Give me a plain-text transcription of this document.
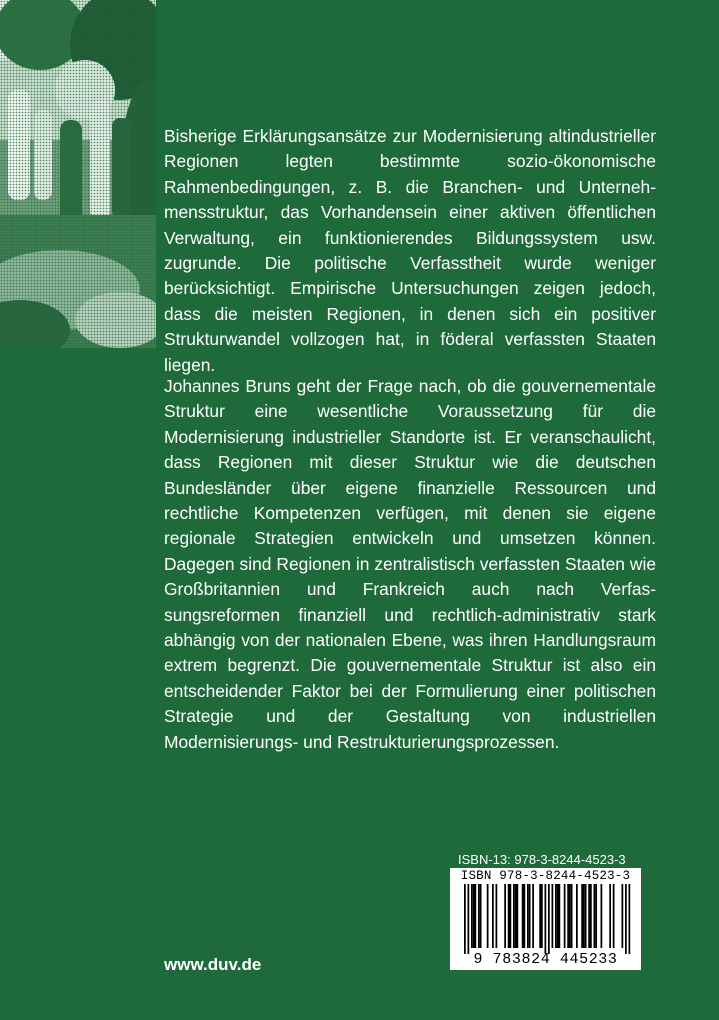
Bisherige Erklärungsansätze zur Modernisierung altindustrieller Regionen legten bestimmte sozio-ökonomische Rahmenbedingungen, z. B. die Branchen- und Unternehmensstruktur, das Vorhandensein einer aktiven öffentlichen Verwaltung, ein funktionierendes Bildungssystem usw. zugrunde. Die politische Verfasstheit wurde weniger berücksichtigt. Empirische Untersuchungen zeigen jedoch, dass die meisten Regionen, in denen sich ein positiver Strukturwandel vollzogen hat, in föderal verfassten Staaten liegen.

Johannes Bruns geht der Frage nach, ob die gouvernementale Struktur eine wesentliche Voraussetzung für die Modernisierung industrieller Standorte ist. Er veranschaulicht, dass Regionen mit dieser Struktur wie die deutschen Bundesländer über eigene finanzielle Ressourcen und rechtliche Kompetenzen verfügen, mit denen sie eigene regionale Strategien entwickeln und umsetzen können. Dagegen sind Regionen in zentralistisch verfassten Staaten wie Großbritannien und Frankreich auch nach Verfassungsreformen finanziell und rechtlich-administrativ stark abhängig von der nationalen Ebene, was ihren Handlungsraum extrem begrenzt. Die gouvernementale Struktur ist also ein entscheidender Faktor bei der Formulierung einer politischen Strategie und der Gestaltung von industriellen Modernisierungs- und Restrukturierungsprozessen.

ISBN-13: 978-3-8244-4523-3
ISBN 978-3-8244-4523-3
9 783824 445233
www.duv.de
